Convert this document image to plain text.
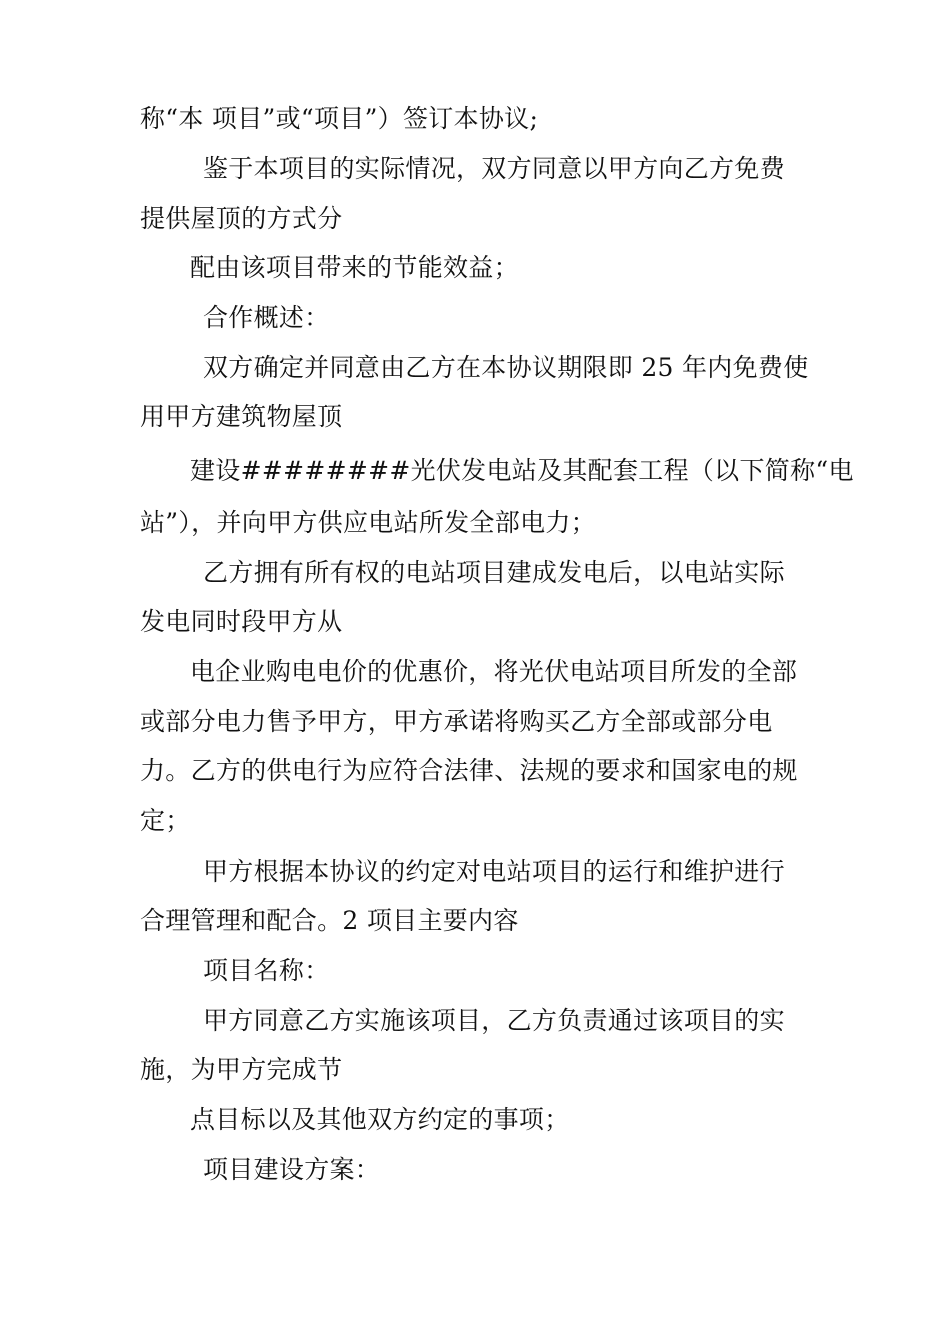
称“本 项目”或“项目”）签订本协议;
鉴于本项目的实际情况，双方同意以甲方向乙方免费
提供屋顶的方式分
配由该项目带来的节能效益；
合作概述：
双方确定并同意由乙方在本协议期限即 25 年内免费使
用甲方建筑物屋顶
建设########光伏发电站及其配套工程（以下简称“电
站”），并向甲方供应电站所发全部电力；
乙方拥有所有权的电站项目建成发电后，以电站实际
发电同时段甲方从
电企业购电电价的优惠价，将光伏电站项目所发的全部
或部分电力售予甲方，甲方承诺将购买乙方全部或部分电
力。乙方的供电行为应符合法律、法规的要求和国家电的规
定；
甲方根据本协议的约定对电站项目的运行和维护进行
合理管理和配合。2 项目主要内容
项目名称：
甲方同意乙方实施该项目，乙方负责通过该项目的实
施，为甲方完成节
点目标以及其他双方约定的事项；
项目建设方案：
